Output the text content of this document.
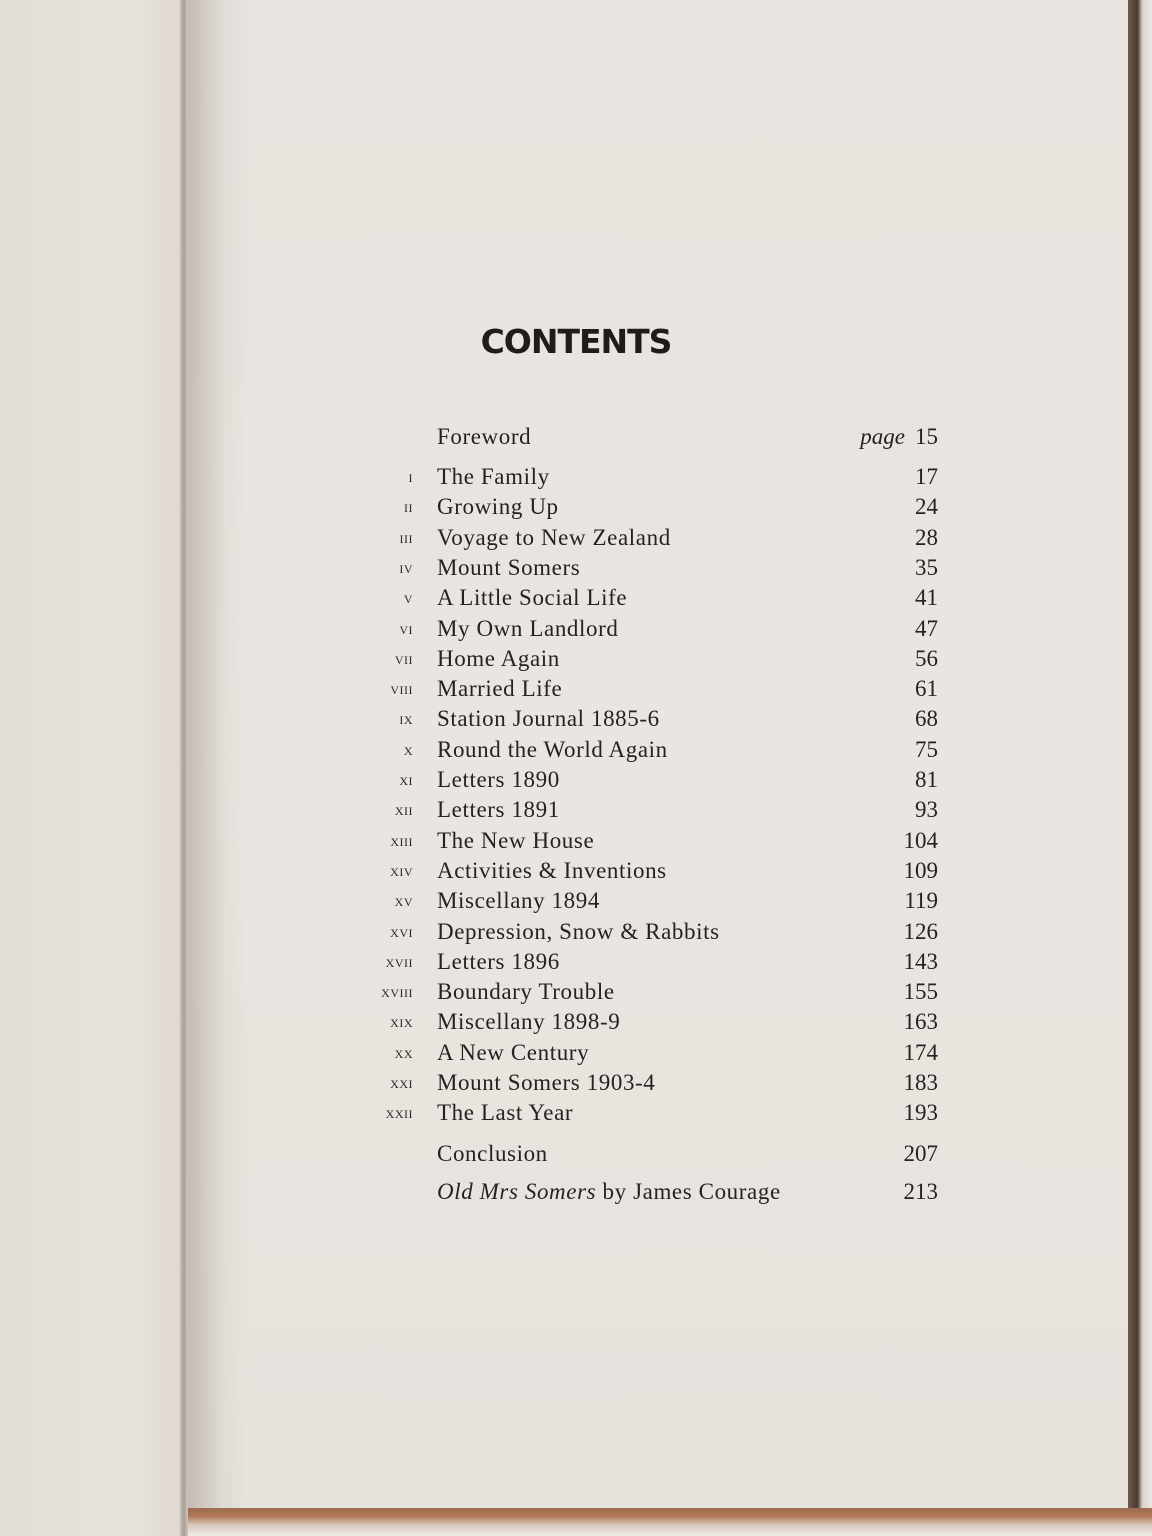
CONTENTS
Foreword	page 15
i The Family	17
ii Growing Up	24
iii Voyage to New Zealand	28
iv Mount Somers	35
v A Little Social Life	41
vi My Own Landlord	47
vii Home Again	56
viii Married Life	61
ix Station Journal 1885-6	68
x Round the World Again	75
xi Letters 1890	81
xii Letters 1891	93
xiii The New House	104
xiv Activities & Inventions	109
xv Miscellany 1894	119
xvi Depression, Snow & Rabbits	126
xvii Letters 1896	143
xviii Boundary Trouble	155
xix Miscellany 1898-9	163
xx A New Century	174
xxi Mount Somers 1903-4	183
xxii The Last Year	193
Conclusion	207
Old Mrs Somers by James Courage	213
